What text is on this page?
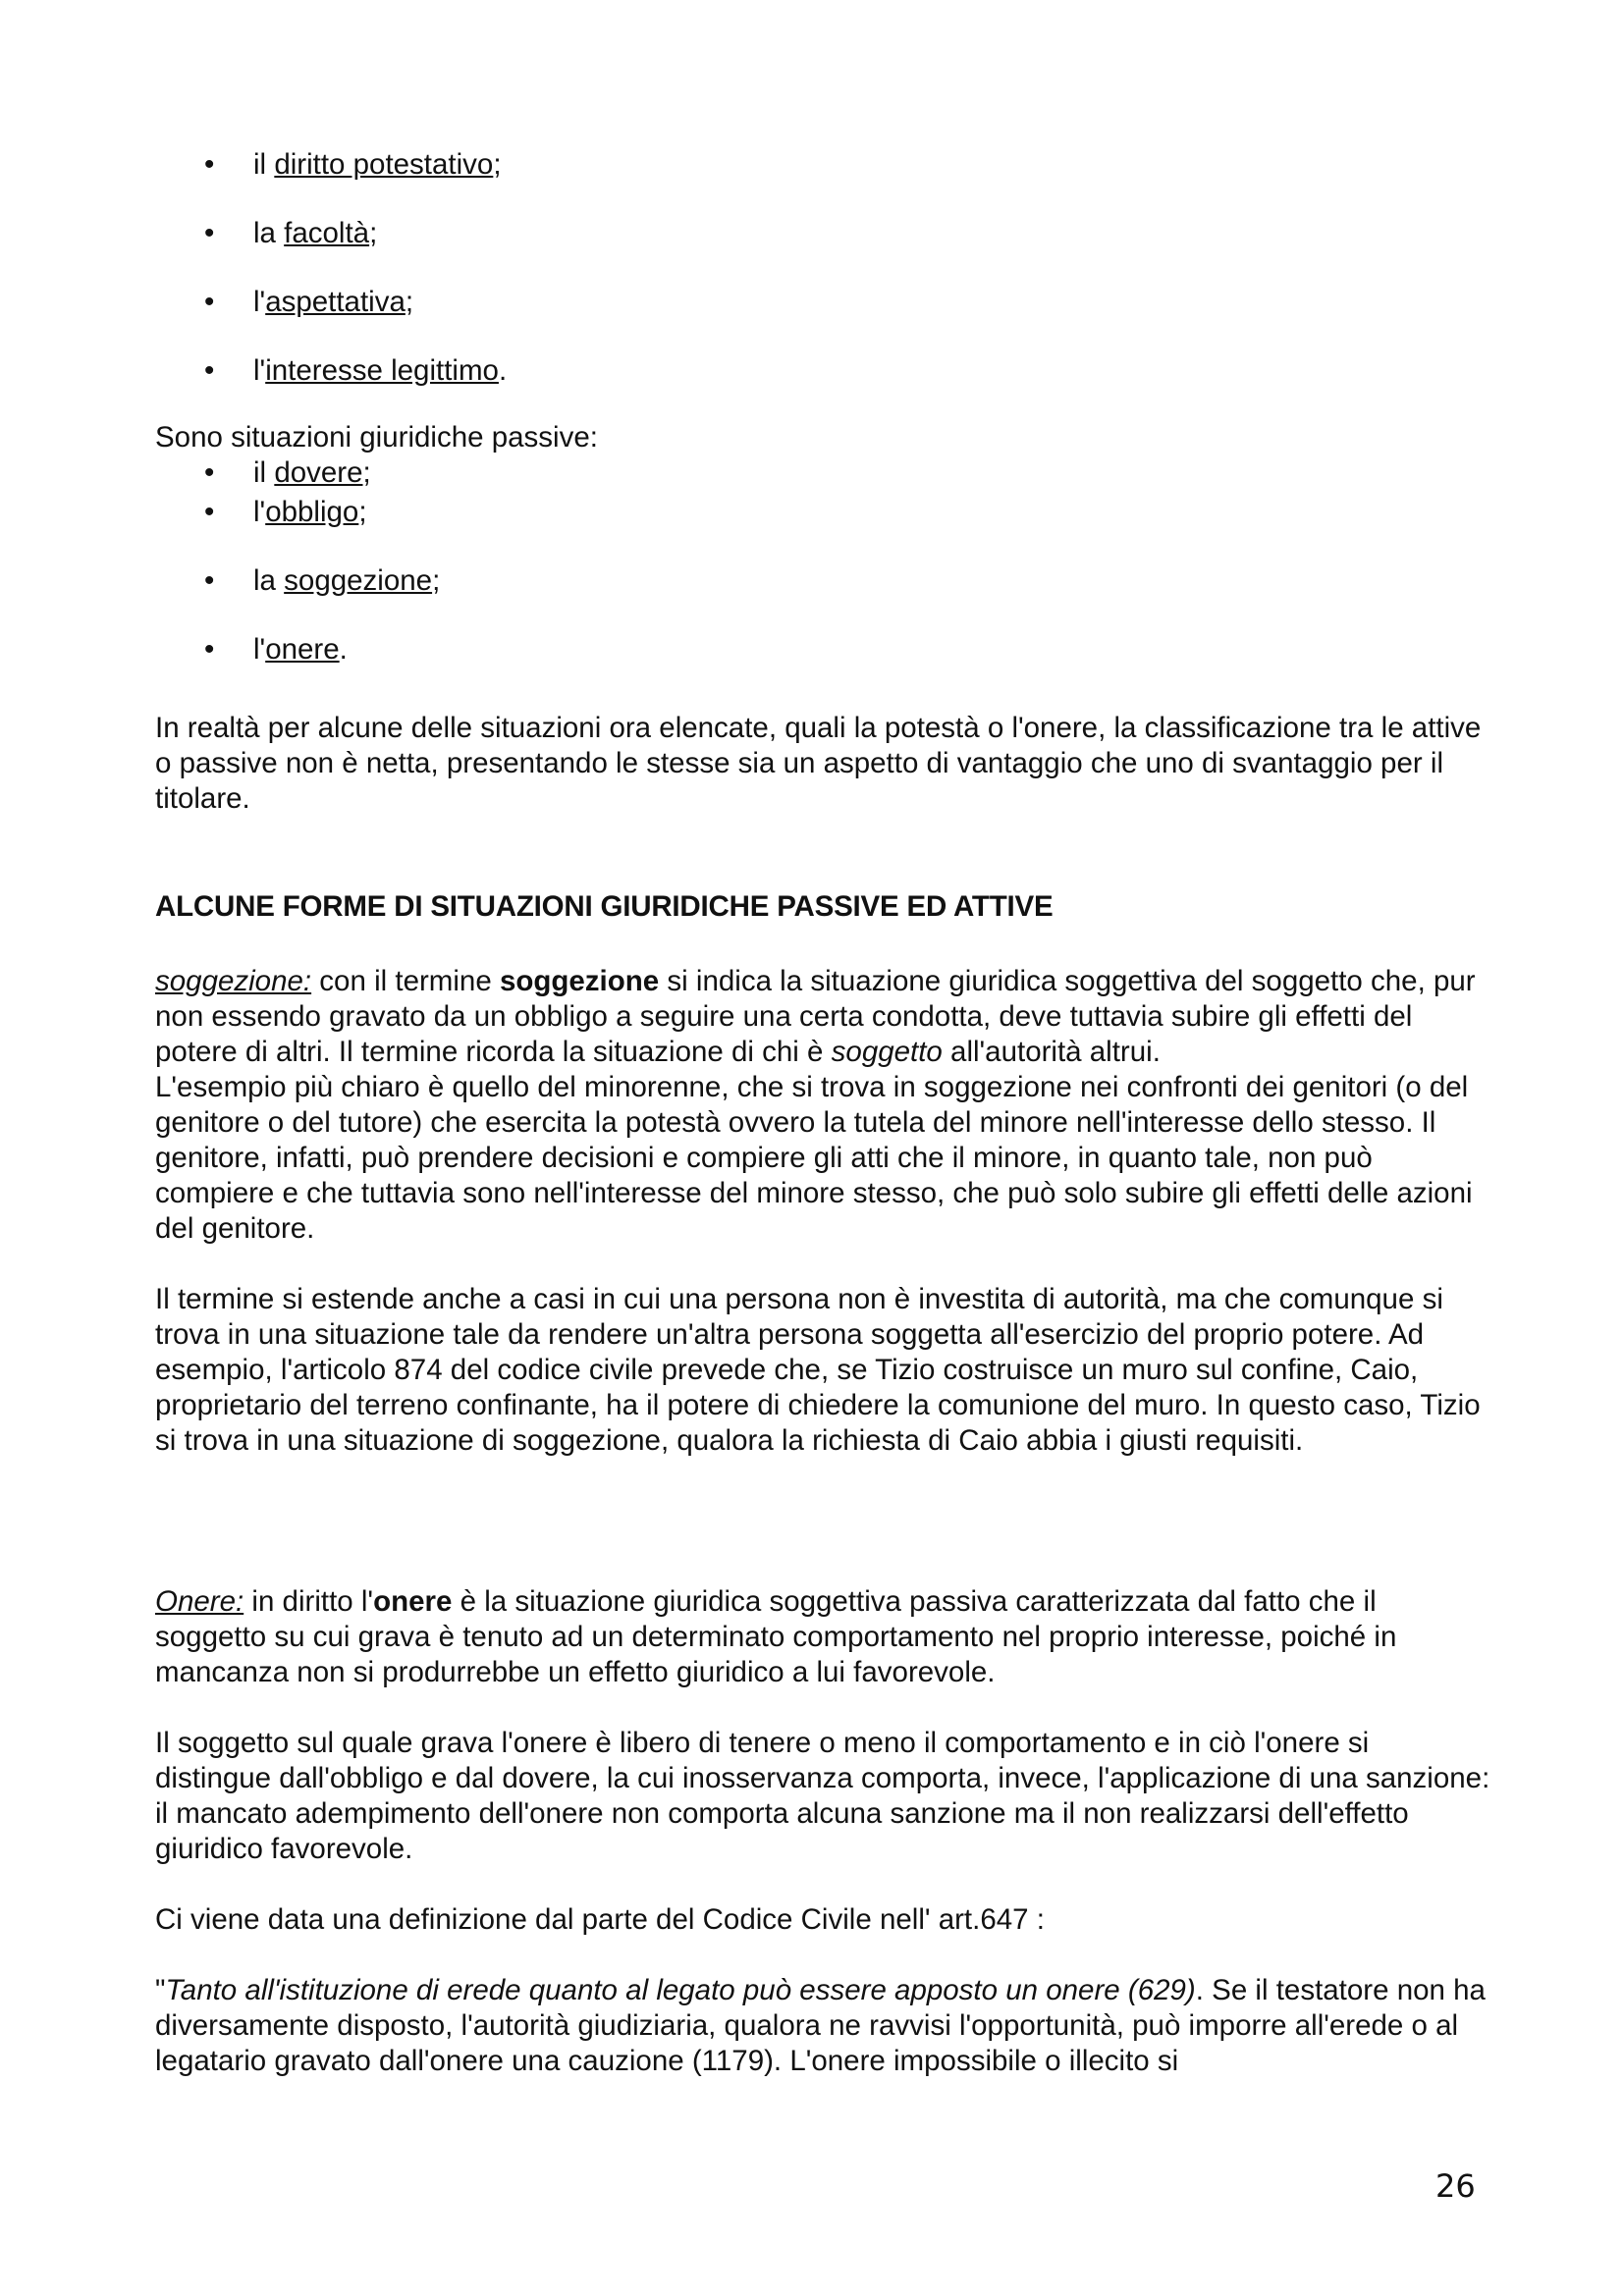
• il diritto potestativo;
• la facoltà;
• l'aspettativa;
• l'interesse legittimo.

Sono situazioni giuridiche passive:

• il dovere;
• l'obbligo;
• la soggezione;
• l'onere.

In realtà per alcune delle situazioni ora elencate, quali la potestà o l'onere, la classificazione tra le attive o passive non è netta, presentando le stesse sia un aspetto di vantaggio che uno di svantaggio per il titolare.

ALCUNE FORME DI SITUAZIONI GIURIDICHE PASSIVE ED ATTIVE

soggezione: con il termine soggezione si indica la situazione giuridica soggettiva del soggetto che, pur non essendo gravato da un obbligo a seguire una certa condotta, deve tuttavia subire gli effetti del potere di altri. Il termine ricorda la situazione di chi è soggetto all'autorità altrui.

L'esempio più chiaro è quello del minorenne, che si trova in soggezione nei confronti dei genitori (o del genitore o del tutore) che esercita la potestà ovvero la tutela del minore nell'interesse dello stesso. Il genitore, infatti, può prendere decisioni e compiere gli atti che il minore, in quanto tale, non può compiere e che tuttavia sono nell'interesse del minore stesso, che può solo subire gli effetti delle azioni del genitore.

Il termine si estende anche a casi in cui una persona non è investita di autorità, ma che comunque si trova in una situazione tale da rendere un'altra persona soggetta all'esercizio del proprio potere. Ad esempio, l'articolo 874 del codice civile prevede che, se Tizio costruisce un muro sul confine, Caio, proprietario del terreno confinante, ha il potere di chiedere la comunione del muro. In questo caso, Tizio si trova in una situazione di soggezione, qualora la richiesta di Caio abbia i giusti requisiti.

Onere: in diritto l'onere è la situazione giuridica soggettiva passiva caratterizzata dal fatto che il soggetto su cui grava è tenuto ad un determinato comportamento nel proprio interesse, poiché in mancanza non si produrrebbe un effetto giuridico a lui favorevole.

Il soggetto sul quale grava l'onere è libero di tenere o meno il comportamento e in ciò l'onere si distingue dall'obbligo e dal dovere, la cui inosservanza comporta, invece, l'applicazione di una sanzione: il mancato adempimento dell'onere non comporta alcuna sanzione ma il non realizzarsi dell'effetto giuridico favorevole.

Ci viene data una definizione dal parte del Codice Civile nell' art.647 :

"Tanto all'istituzione di erede quanto al legato può essere apposto un onere (629). Se il testatore non ha diversamente disposto, l'autorità giudiziaria, qualora ne ravvisi l'opportunità, può imporre all'erede o al legatario gravato dall'onere una cauzione (1179). L'onere impossibile o illecito si

26
